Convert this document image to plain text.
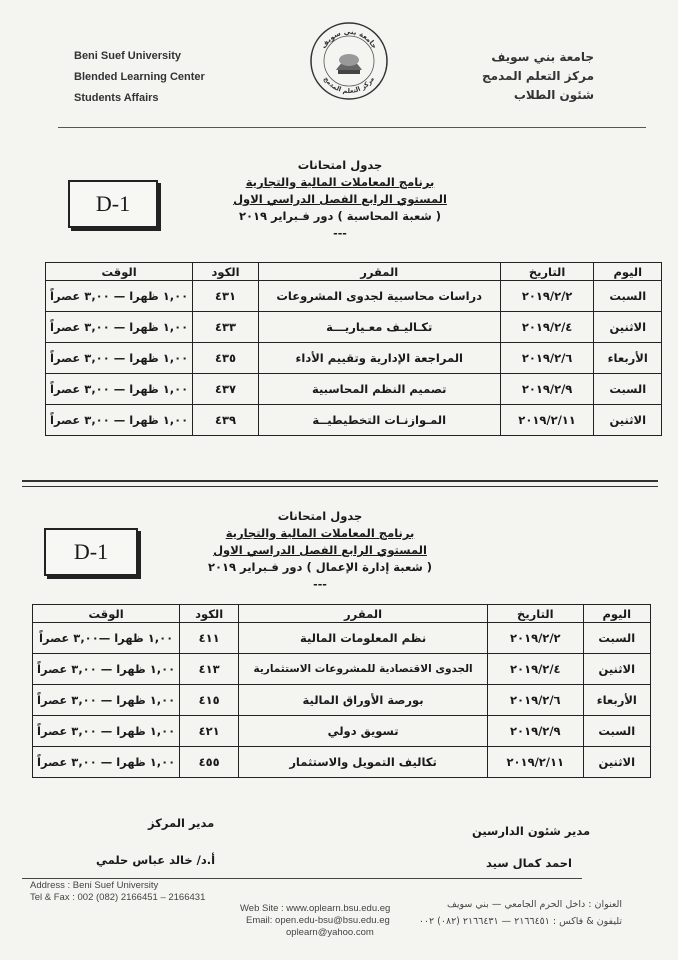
Beni Suef University
Blended Learning Center
Students Affairs
جامعة بني سويف
مركز التعلم المدمج
جامعة بني سويف
مركز التعلم المدمج
شئون الطلاب
D-1
جدول امتحانات
برنامج المعاملات المالية والتجارية
المستوي الرابع الفصل الدراسي الاول
( شعبة المحاسبة ) دور فـبراير ٢٠١٩
---
اليوم	التاريخ	المقرر	الكود	الوقت
السبت	٢٠١٩/٢/٢	دراسات محاسبية لجدوى المشروعات	٤٣١	١,٠٠ ظهرا — ٣,٠٠ عصراً
الاثنين	٢٠١٩/٢/٤	تكـاليـف معـياريـــة	٤٣٣	١,٠٠ ظهرا — ٣,٠٠ عصراً
الأربعاء	٢٠١٩/٢/٦	المراجعة الإدارية وتقييم الأداء	٤٣٥	١,٠٠ ظهرا — ٣,٠٠ عصراً
السبت	٢٠١٩/٢/٩	تصميم النظم المحاسبية	٤٣٧	١,٠٠ ظهرا — ٣,٠٠ عصراً
الاثنين	٢٠١٩/٢/١١	المـوازنـات التخطيطيــة	٤٣٩	١,٠٠ ظهرا — ٣,٠٠ عصراً
D-1
جدول امتحانات
برنامج المعاملات المالية والتجارية
المستوي الرابع الفصل الدراسي الاول
( شعبة إدارة الإعمال ) دور فـبراير ٢٠١٩
---
اليوم	التاريخ	المقرر	الكود	الوقت
السبت	٢٠١٩/٢/٢	نظم المعلومات المالية	٤١١	١,٠٠ ظهرا —٣,٠٠ عصراً
الاثنين	٢٠١٩/٢/٤	الجدوى الاقتصادية للمشروعات الاستثمارية	٤١٣	١,٠٠ ظهرا — ٣,٠٠ عصراً
الأربعاء	٢٠١٩/٢/٦	بورصة الأوراق المالية	٤١٥	١,٠٠ ظهرا — ٣,٠٠ عصراً
السبت	٢٠١٩/٢/٩	تسويق دولي	٤٢١	١,٠٠ ظهرا — ٣,٠٠ عصراً
الاثنين	٢٠١٩/٢/١١	تكاليف التمويل والاستثمار	٤٥٥	١,٠٠ ظهرا — ٣,٠٠ عصراً
مدير المركز
أ.د/ خالد عباس حلمي
مدير شئون الدارسين
احمد كمال سيد
Address : Beni Suef University
Tel & Fax : 002 (082) 2166451 – 2166431
Web Site : www.oplearn.bsu.edu.eg
Email: open.edu-bsu@bsu.edu.eg
oplearn@yahoo.com
العنوان : داخل الحرم الجامعي — بني سويف
تليفون & فاكس : ٢١٦٦٤٥١ — ٢١٦٦٤٣١ (٠٨٢) ٠٠٢
